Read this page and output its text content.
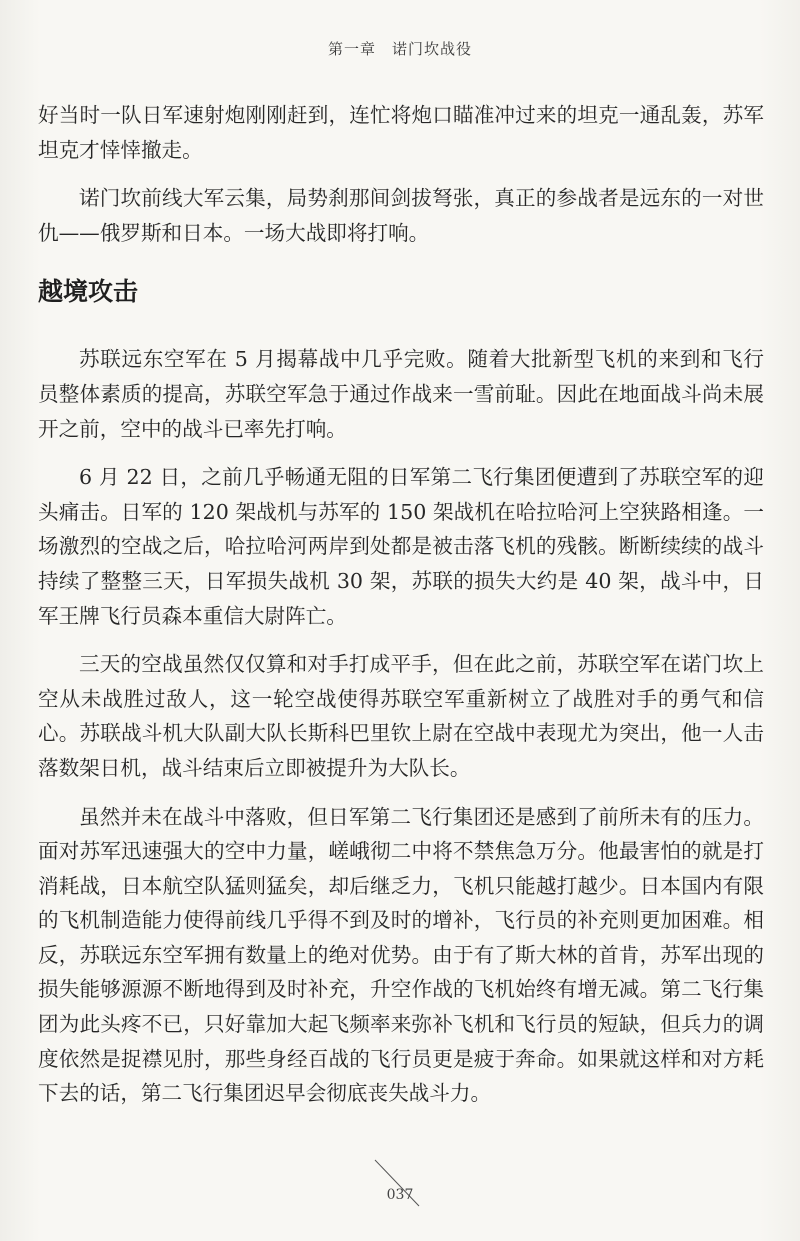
第一章　诺门坎战役

好当时一队日军速射炮刚刚赶到，连忙将炮口瞄准冲过来的坦克一通乱轰，苏军坦克才悻悻撤走。

诺门坎前线大军云集，局势刹那间剑拔弩张，真正的参战者是远东的一对世仇——俄罗斯和日本。一场大战即将打响。

越境攻击

苏联远东空军在 5 月揭幕战中几乎完败。随着大批新型飞机的来到和飞行员整体素质的提高，苏联空军急于通过作战来一雪前耻。因此在地面战斗尚未展开之前，空中的战斗已率先打响。

6 月 22 日，之前几乎畅通无阻的日军第二飞行集团便遭到了苏联空军的迎头痛击。日军的 120 架战机与苏军的 150 架战机在哈拉哈河上空狭路相逢。一场激烈的空战之后，哈拉哈河两岸到处都是被击落飞机的残骸。断断续续的战斗持续了整整三天，日军损失战机 30 架，苏联的损失大约是 40 架，战斗中，日军王牌飞行员森本重信大尉阵亡。

三天的空战虽然仅仅算和对手打成平手，但在此之前，苏联空军在诺门坎上空从未战胜过敌人，这一轮空战使得苏联空军重新树立了战胜对手的勇气和信心。苏联战斗机大队副大队长斯科巴里钦上尉在空战中表现尤为突出，他一人击落数架日机，战斗结束后立即被提升为大队长。

虽然并未在战斗中落败，但日军第二飞行集团还是感到了前所未有的压力。面对苏军迅速强大的空中力量，嵯峨彻二中将不禁焦急万分。他最害怕的就是打消耗战，日本航空队猛则猛矣，却后继乏力，飞机只能越打越少。日本国内有限的飞机制造能力使得前线几乎得不到及时的增补，飞行员的补充则更加困难。相反，苏联远东空军拥有数量上的绝对优势。由于有了斯大林的首肯，苏军出现的损失能够源源不断地得到及时补充，升空作战的飞机始终有增无减。第二飞行集团为此头疼不已，只好靠加大起飞频率来弥补飞机和飞行员的短缺，但兵力的调度依然是捉襟见肘，那些身经百战的飞行员更是疲于奔命。如果就这样和对方耗下去的话，第二飞行集团迟早会彻底丧失战斗力。

037
